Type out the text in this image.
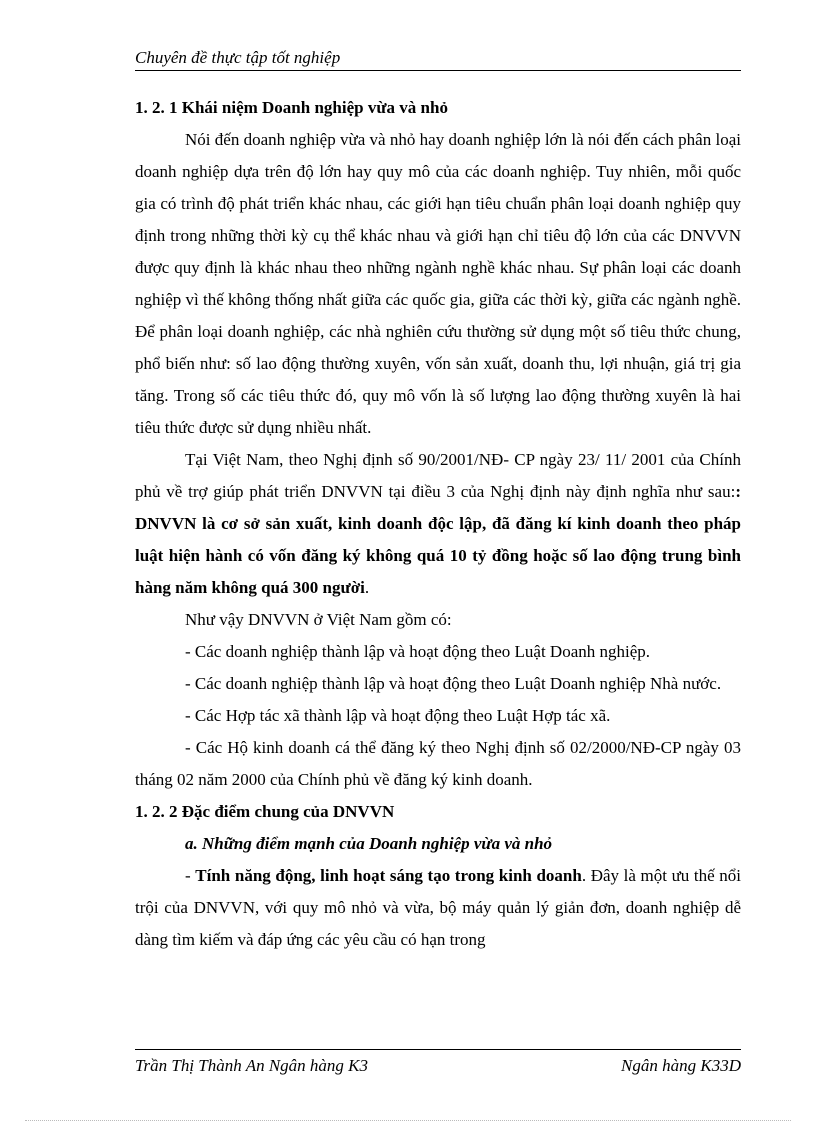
Chuyên đề thực tập tốt nghiệp

1. 2. 1 Khái niệm Doanh nghiệp vừa và nhỏ

Nói đến doanh nghiệp vừa và nhỏ hay doanh nghiệp lớn là nói đến cách phân loại doanh nghiệp dựa trên độ lớn hay quy mô của các doanh nghiệp. Tuy nhiên, mỗi quốc gia có trình độ phát triển khác nhau, các giới hạn tiêu chuẩn phân loại doanh nghiệp quy định trong những thời kỳ cụ thể khác nhau và giới hạn chỉ tiêu độ lớn của các DNVVN được quy định là khác nhau theo những ngành nghề khác nhau. Sự phân loại các doanh nghiệp vì thế không thống nhất giữa các quốc gia, giữa các thời kỳ, giữa các ngành nghề. Để phân loại doanh nghiệp, các nhà nghiên cứu thường sử dụng một số tiêu thức chung, phổ biến như: số lao động thường xuyên, vốn sản xuất, doanh thu, lợi nhuận, giá trị gia tăng. Trong số các tiêu thức đó, quy mô vốn là số lượng lao động thường xuyên là hai tiêu thức được sử dụng nhiều nhất.

Tại Việt Nam, theo Nghị định số 90/2001/NĐ- CP ngày 23/ 11/ 2001 của Chính phủ về trợ giúp phát triển DNVVN tại điều 3 của Nghị định này định nghĩa như sau:: DNVVN là cơ sở sản xuất, kinh doanh độc lập, đã đăng kí kinh doanh theo pháp luật hiện hành có vốn đăng ký không quá 10 tỷ đồng hoặc số lao động trung bình hàng năm không quá 300 người.

Như vậy DNVVN ở Việt Nam gồm có:

- Các doanh nghiệp thành lập và hoạt động theo Luật Doanh nghiệp.

- Các doanh nghiệp thành lập và hoạt động theo Luật Doanh nghiệp Nhà nước.

- Các Hợp tác xã thành lập và hoạt động theo Luật Hợp tác xã.

- Các Hộ kinh doanh cá thể đăng ký theo Nghị định số 02/2000/NĐ-CP ngày 03 tháng 02 năm 2000 của Chính phủ về đăng ký kinh doanh.

1. 2. 2 Đặc điểm chung của DNVVN

a. Những điểm mạnh của Doanh nghiệp vừa và nhỏ

- Tính năng động, linh hoạt sáng tạo trong kinh doanh. Đây là một ưu thế nổi trội của DNVVN, với quy mô nhỏ và vừa, bộ máy quản lý giản đơn, doanh nghiệp dễ dàng tìm kiếm và đáp ứng các yêu cầu có hạn trong

Trần Thị Thành An Ngân hàng K3	Ngân hàng K33D
